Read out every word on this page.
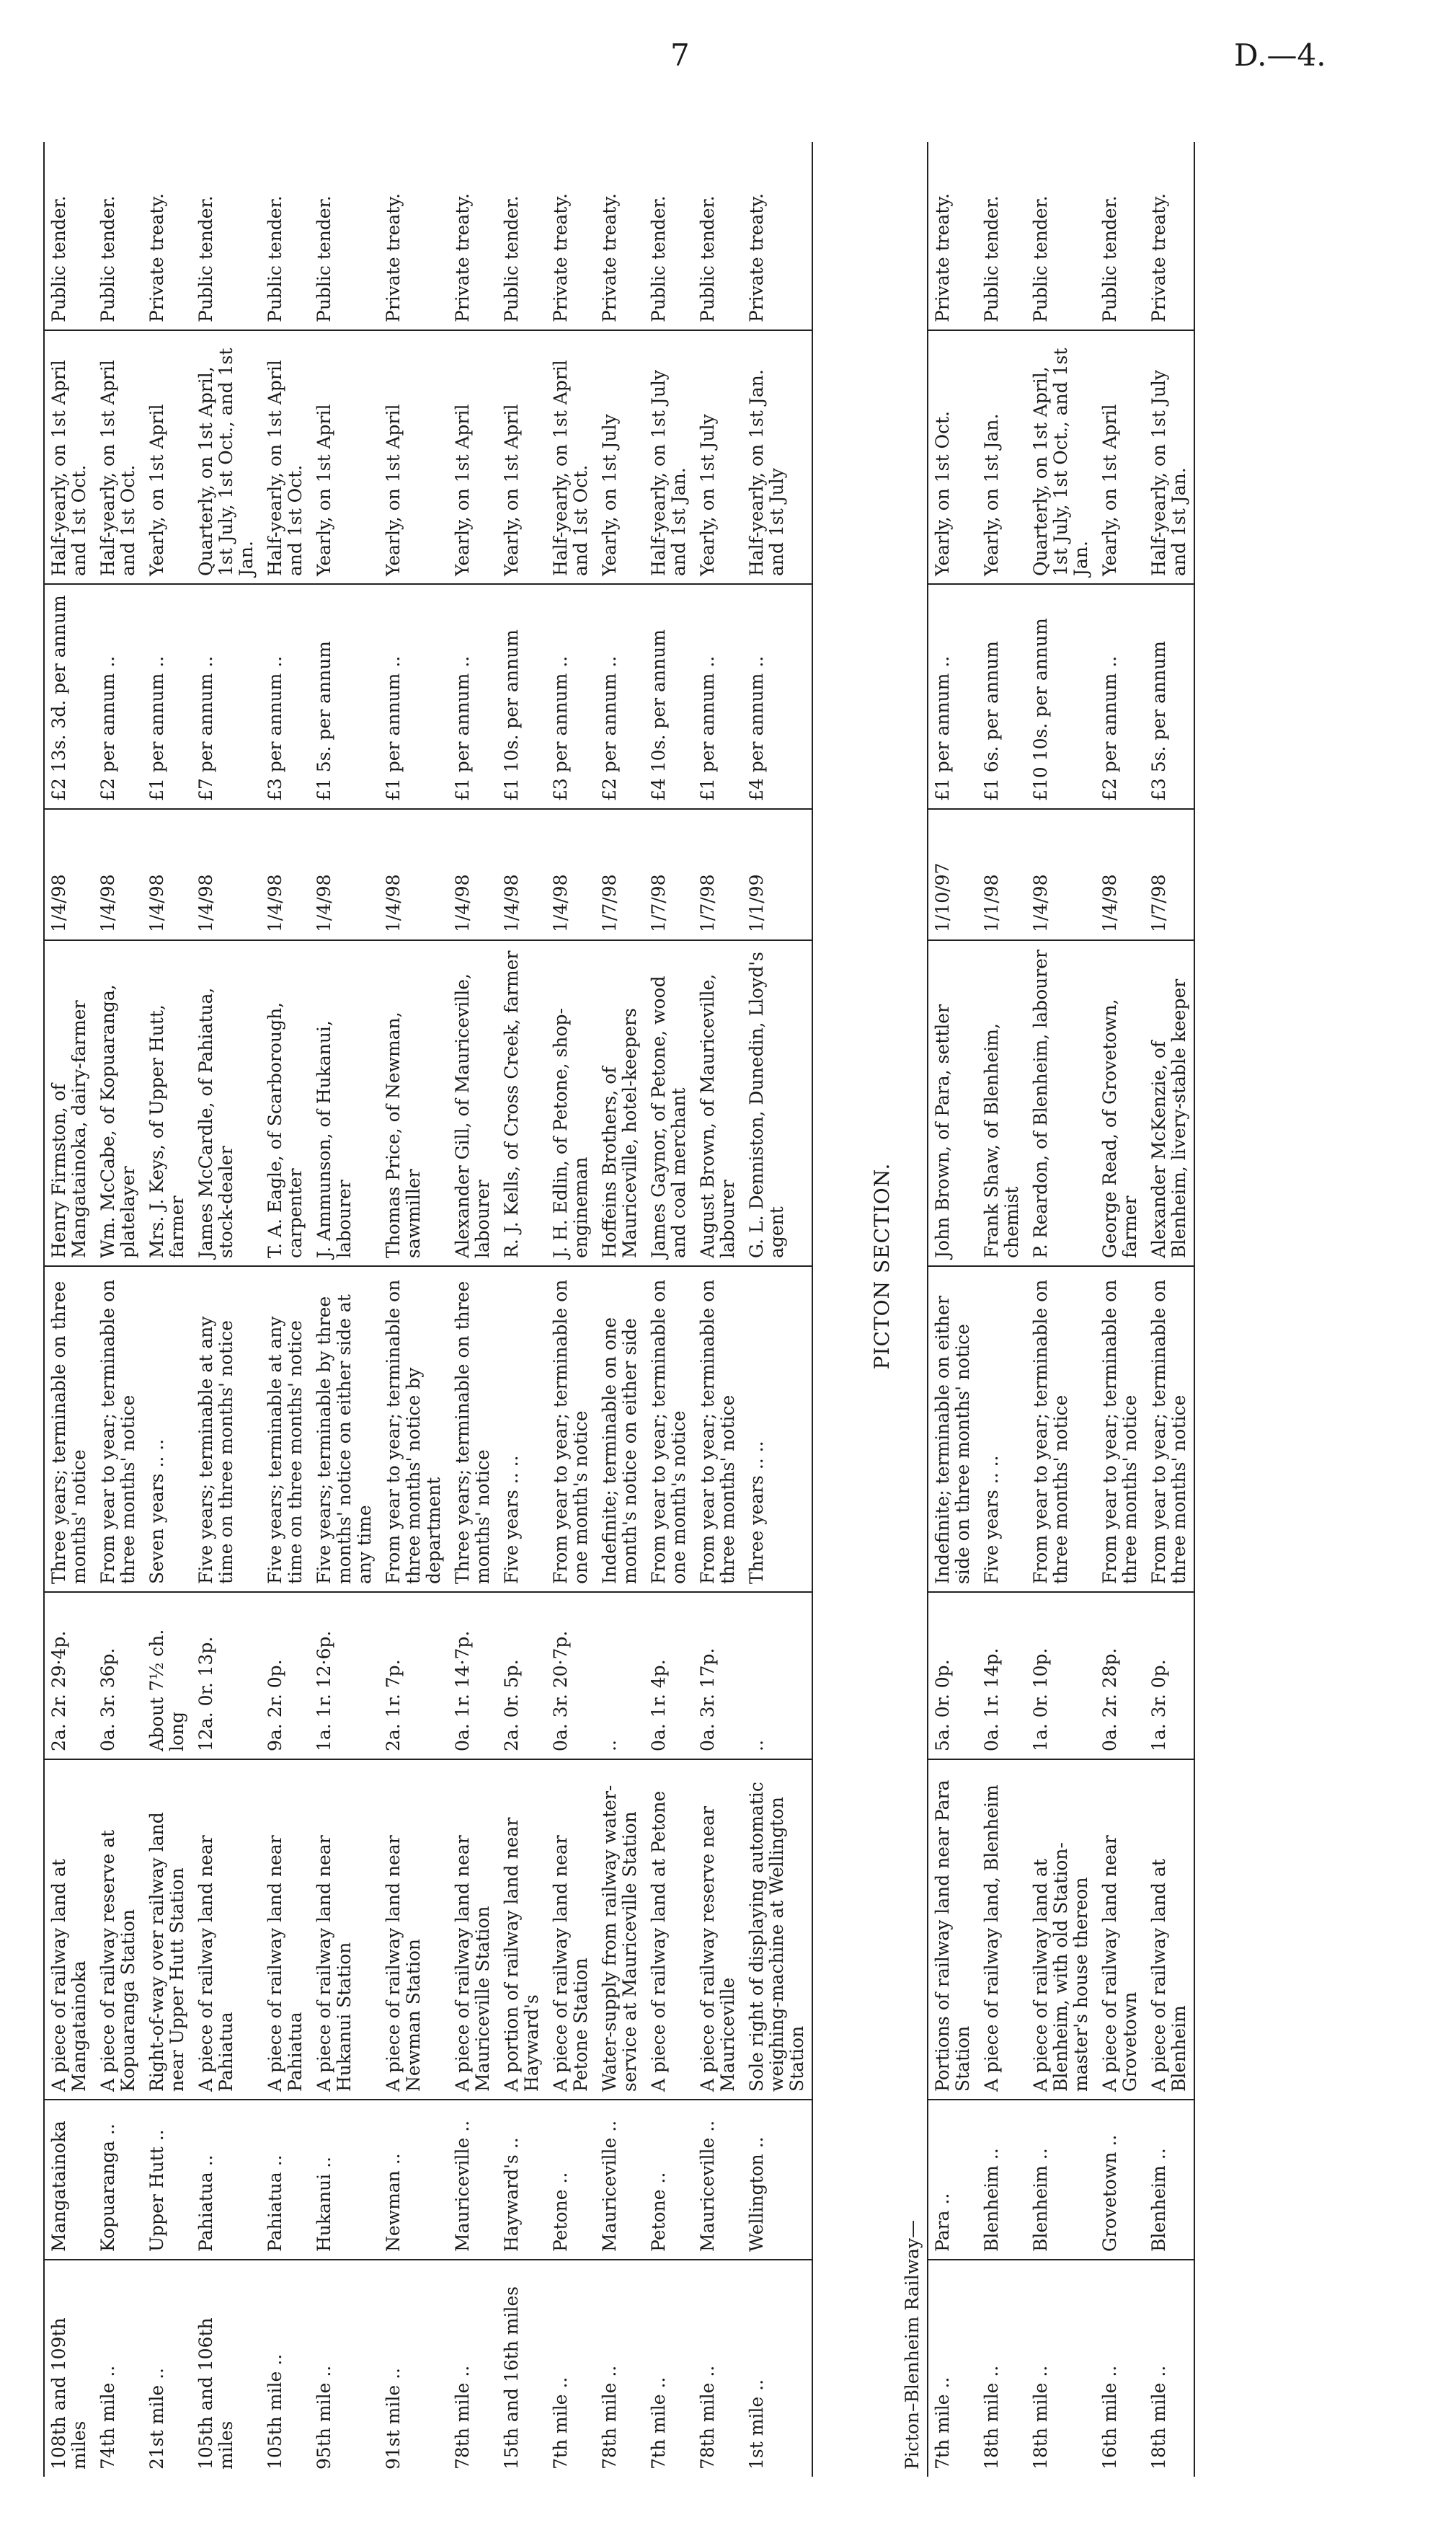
7	D.—4.
108th and 109th miles	Mangatainoka	A piece of railway land at Mangatainoka	2a. 2r. 29·4p.	Three years; terminable on three months' notice	Henry Firmston, of Mangatainoka, dairy-farmer	1/4/98	£2 13s. 3d. per annum	Half-yearly, on 1st April and 1st Oct.	Public tender.
74th mile ..	Kopuaranga ..	A piece of railway reserve at Kopuaranga Station	0a. 3r. 36p.	From year to year; terminable on three months' notice	Wm. McCabe, of Kopuaranga, platelayer	1/4/98	£2 per annum ..	Half-yearly, on 1st April and 1st Oct.	Public tender.
21st mile ..	Upper Hutt ..	Right-of-way over railway land near Upper Hutt Station	About 7½ ch. long	Seven years .. ..	Mrs. J. Keys, of Upper Hutt, farmer	1/4/98	£1 per annum ..	Yearly, on 1st April	Private treaty.
105th and 106th miles	Pahiatua ..	A piece of railway land near Pahiatua	12a. 0r. 13p.	Five years; terminable at any time on three months' notice	James McCardle, of Pahiatua, stock-dealer	1/4/98	£7 per annum ..	Quarterly, on 1st April, 1st July, 1st Oct., and 1st Jan.	Public tender.
105th mile ..	Pahiatua ..	A piece of railway land near Pahiatua	9a. 2r. 0p.	Five years; terminable at any time on three months' notice	T. A. Eagle, of Scarborough, carpenter	1/4/98	£3 per annum ..	Half-yearly, on 1st April and 1st Oct.	Public tender.
95th mile ..	Hukanui ..	A piece of railway land near Hukanui Station	1a. 1r. 12·6p.	Five years; terminable by three months' notice on either side at any time	J. Ammunson, of Hukanui, labourer	1/4/98	£1 5s. per annum	Yearly, on 1st April	Public tender.
91st mile ..	Newman ..	A piece of railway land near Newman Station	2a. 1r. 7p.	From year to year; terminable on three months' notice by department	Thomas Price, of Newman, sawmiller	1/4/98	£1 per annum ..	Yearly, on 1st April	Private treaty.
78th mile ..	Mauriceville ..	A piece of railway land near Mauriceville Station	0a. 1r. 14·7p.	Three years; terminable on three months' notice	Alexander Gill, of Mauriceville, labourer	1/4/98	£1 per annum ..	Yearly, on 1st April	Private treaty.
15th and 16th miles	Hayward's ..	A portion of railway land near Hayward's	2a. 0r. 5p.	Five years .. ..	R. J. Kells, of Cross Creek, farmer	1/4/98	£1 10s. per annum	Yearly, on 1st April	Public tender.
7th mile ..	Petone ..	A piece of railway land near Petone Station	0a. 3r. 20·7p.	From year to year; terminable on one month's notice	J. H. Edlin, of Petone, shop-engineman	1/4/98	£3 per annum ..	Half-yearly, on 1st April and 1st Oct.	Private treaty.
78th mile ..	Mauriceville ..	Water-supply from railway water-service at Mauriceville Station	..	Indefinite; terminable on one month's notice on either side	Hoffeins Brothers, of Mauriceville, hotel-keepers	1/7/98	£2 per annum ..	Yearly, on 1st July	Private treaty.
7th mile ..	Petone ..	A piece of railway land at Petone	0a. 1r. 4p.	From year to year; terminable on one month's notice	James Gaynor, of Petone, wood and coal merchant	1/7/98	£4 10s. per annum	Half-yearly, on 1st July and 1st Jan.	Public tender.
78th mile ..	Mauriceville ..	A piece of railway reserve near Mauriceville	0a. 3r. 17p.	From year to year; terminable on three months' notice	August Brown, of Mauriceville, labourer	1/7/98	£1 per annum ..	Yearly, on 1st July	Public tender.
1st mile ..	Wellington ..	Sole right of displaying automatic weighing-machine at Wellington Station	..	Three years .. ..	G. L. Denniston, Dunedin, Lloyd's agent	1/1/99	£4 per annum ..	Half-yearly, on 1st Jan. and 1st July	Private treaty.

				PICTON SECTION.					
Picton–Blenheim Railway—									
7th mile ..	Para ..	Portions of railway land near Para Station	5a. 0r. 0p.	Indefinite; terminable on either side on three months' notice	John Brown, of Para, settler	1/10/97	£1 per annum ..	Yearly, on 1st Oct.	Private treaty.
18th mile ..	Blenheim ..	A piece of railway land, Blenheim	0a. 1r. 14p.	Five years .. ..	Frank Shaw, of Blenheim, chemist	1/1/98	£1 6s. per annum	Yearly, on 1st Jan.	Public tender.
18th mile ..	Blenheim ..	A piece of railway land at Blenheim, with old Station-master's house thereon	1a. 0r. 10p.	From year to year; terminable on three months' notice	P. Reardon, of Blenheim, labourer	1/4/98	£10 10s. per annum	Quarterly, on 1st April, 1st July, 1st Oct., and 1st Jan.	Public tender.
16th mile ..	Grovetown ..	A piece of railway land near Grovetown	0a. 2r. 28p.	From year to year; terminable on three months' notice	George Read, of Grovetown, farmer	1/4/98	£2 per annum ..	Yearly, on 1st April	Public tender.
18th mile ..	Blenheim ..	A piece of railway land at Blenheim	1a. 3r. 0p.	From year to year; terminable on three months' notice	Alexander McKenzie, of Blenheim, livery-stable keeper	1/7/98	£3 5s. per annum	Half-yearly, on 1st July and 1st Jan.	Private treaty.
